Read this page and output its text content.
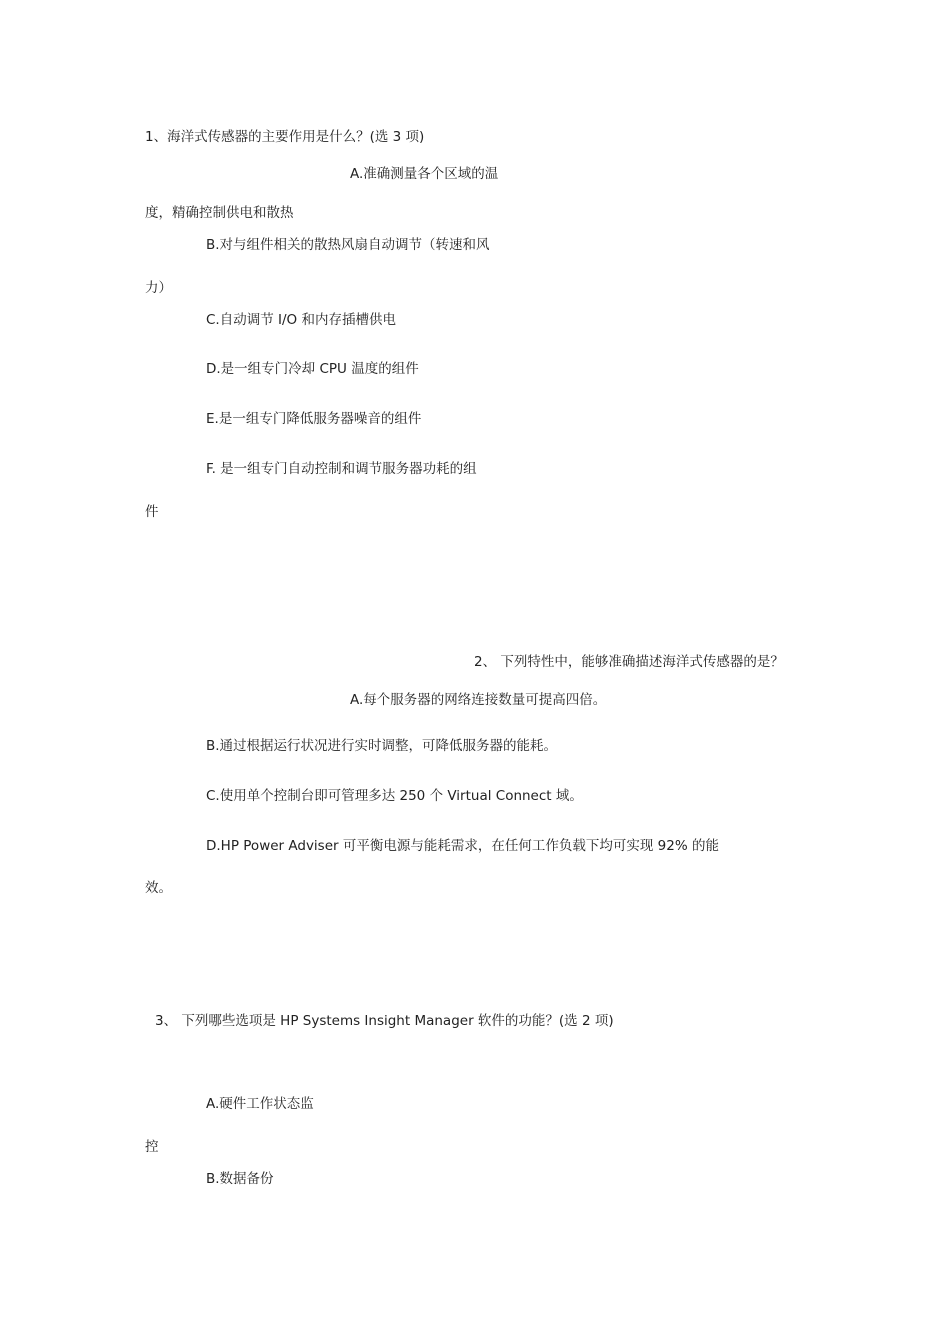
1、海洋式传感器的主要作用是什么？(选 3 项)
A.准确测量各个区域的温
度，精确控制供电和散热
B.对与组件相关的散热风扇自动调节（转速和风
力）
C.自动调节 I/O 和内存插槽供电
D.是一组专门冷却 CPU 温度的组件
E.是一组专门降低服务器噪音的组件
F. 是一组专门自动控制和调节服务器功耗的组
件
2、 下列特性中，能够准确描述海洋式传感器的是？
A.每个服务器的网络连接数量可提高四倍。
B.通过根据运行状况进行实时调整，可降低服务器的能耗。
C.使用单个控制台即可管理多达 250 个 Virtual Connect 域。
D.HP Power Adviser 可平衡电源与能耗需求，在任何工作负载下均可实现 92% 的能
效。
3、 下列哪些选项是 HP Systems Insight Manager 软件的功能？(选 2 项)
A.硬件工作状态监
控
B.数据备份
